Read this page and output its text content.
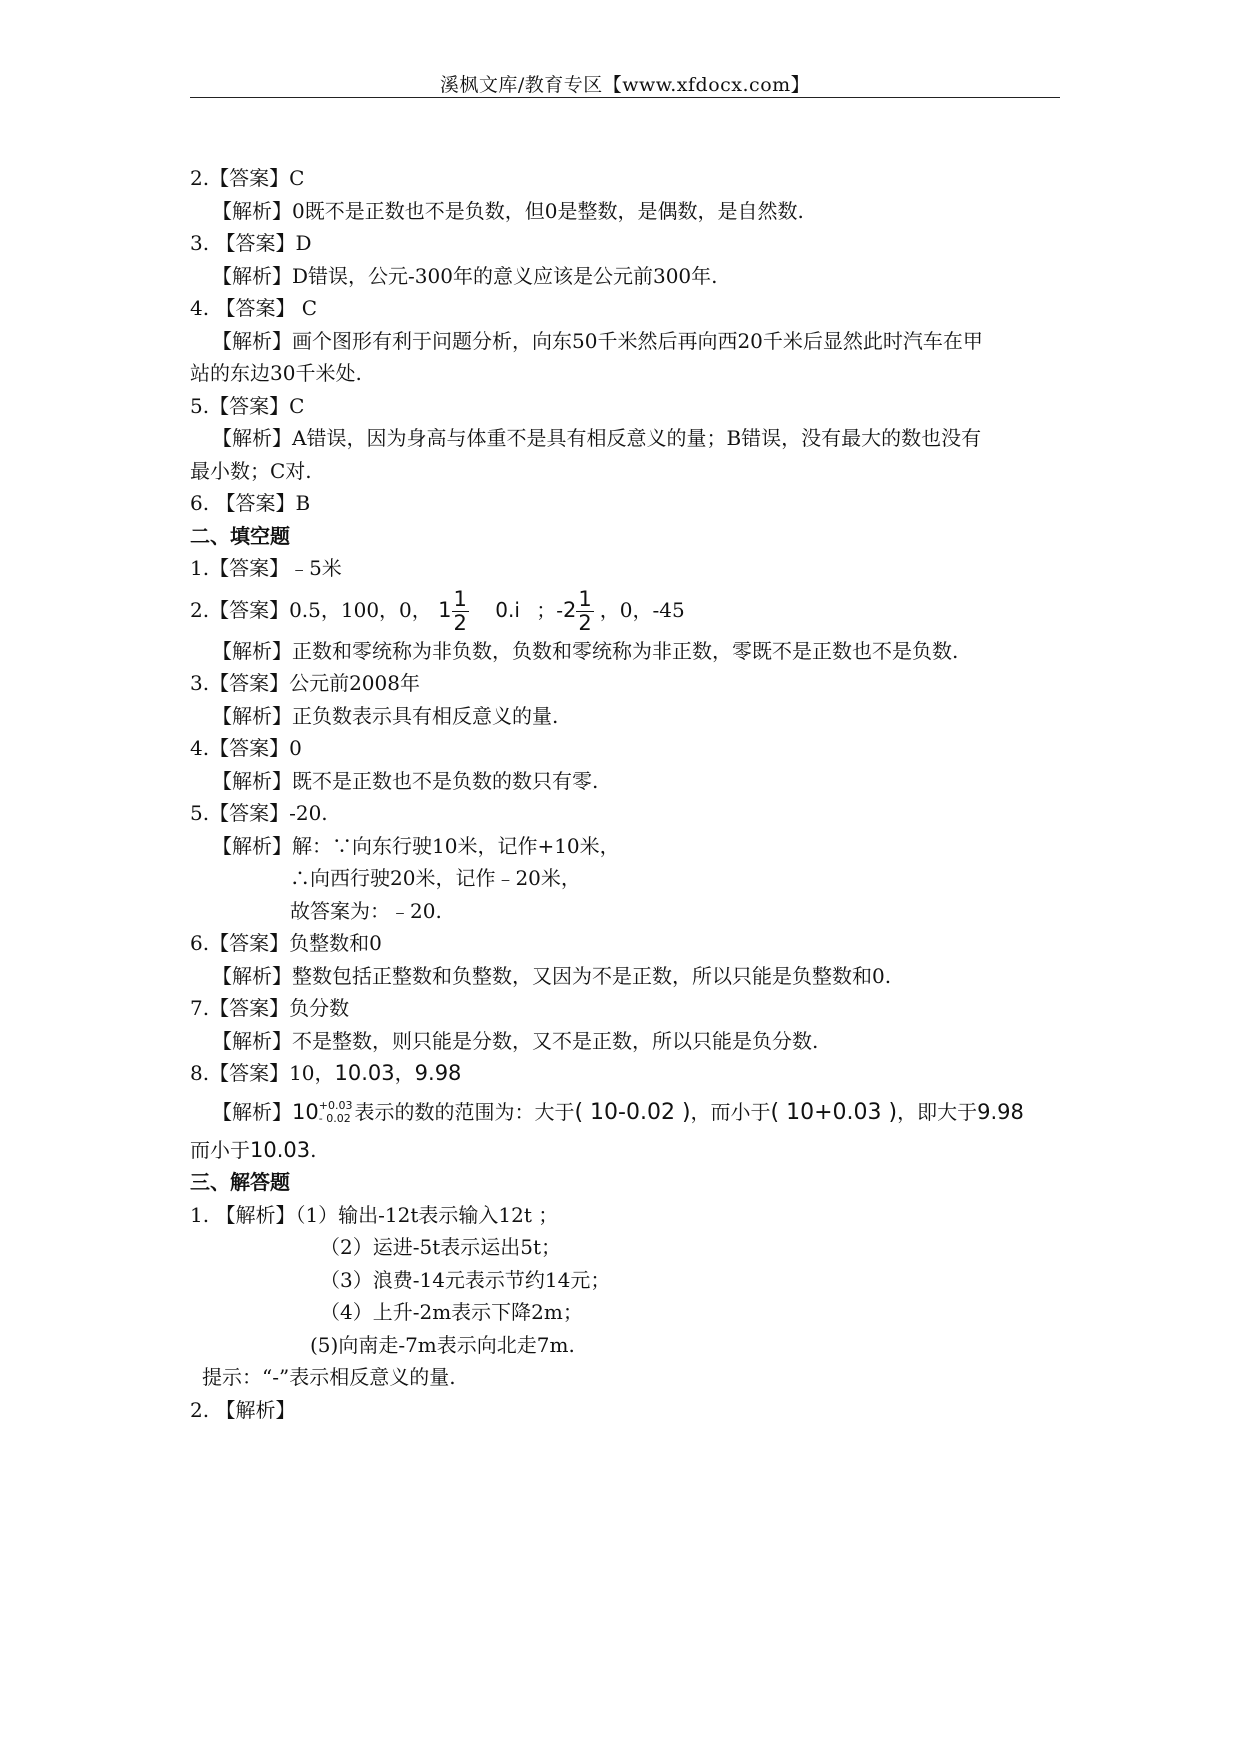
溪枫文库/教育专区【www.xfdocx.com】
2.【答案】C
【解析】0既不是正数也不是负数，但0是整数，是偶数，是自然数.
3. 【答案】D
【解析】D错误，公元-300年的意义应该是公元前300年.
4. 【答案】 C
【解析】画个图形有利于问题分析，向东50千米然后再向西20千米后显然此时汽车在甲
站的东边30千米处.
5.【答案】C
【解析】A错误，因为身高与体重不是具有相反意义的量；B错误，没有最大的数也没有
最小数；C对.
6. 【答案】B
二、填空题
1.【答案】﹣5米
2.【答案】0.5，100，0， $1 \frac{1}{2} 0.i$ ；$-2 \frac{1}{2}$ ，0，-45
【解析】正数和零统称为非负数，负数和零统称为非正数，零既不是正数也不是负数.
3.【答案】公元前2008年
【解析】正负数表示具有相反意义的量.
4.【答案】0
【解析】既不是正数也不是负数的数只有零.
5.【答案】-20.
【解析】解：∵向东行驶10米，记作+10米，
∴向西行驶20米，记作﹣20米，
故答案为：﹣20.
6.【答案】负整数和0
【解析】整数包括正整数和负整数，又因为不是正数，所以只能是负整数和0.
7.【答案】负分数
【解析】不是整数，则只能是分数，又不是正数，所以只能是负分数.
8.【答案】10，10.03，9.98
【解析】10 +0.03
- 0.02 表示的数的范围为：大于( 10-0.02 )，而小于( 10+0.03 )，即大于9.98
而小于10.03.
三、解答题
1. 【解析】（1）输出-12t表示输入12t ；
（2）运进-5t表示运出5t；
（3）浪费-14元表示节约14元；
（4）上升-2m表示下降2m；
(5)向南走-7m表示向北走7m.
提示：“-”表示相反意义的量.
2. 【解析】
